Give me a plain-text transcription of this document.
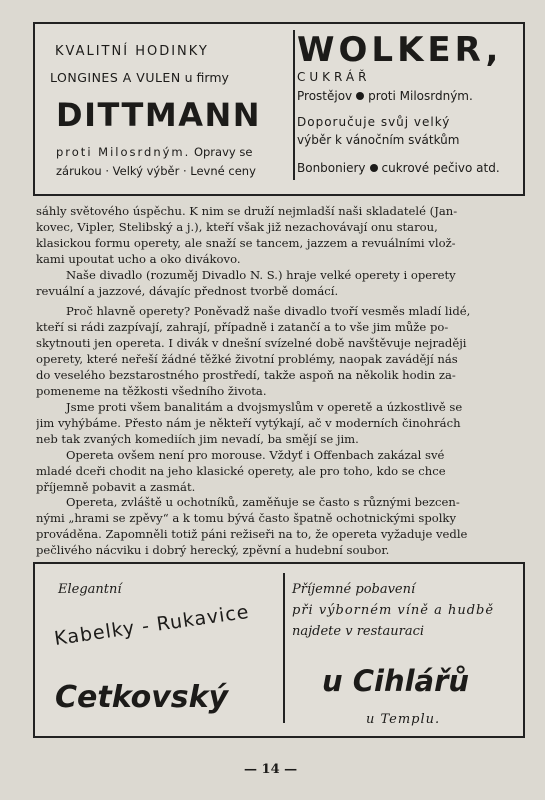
KVALITNÍ HODINKY
LONGINES A VULEN u firmy
DITTMANN
proti Milosrdným. Opravy se
zárukou · Velký výběr · Levné ceny
WOLKER,
CUKRÁŘ
Prostějov proti Milosrdným.
Doporučuje svůj velký
výběr k vánočním svátkům
Bonboniery cukrové pečivo atd.
sáhly světového úspěchu. K nim se druží nejmladší naši skladatelé (Jan-
kovec, Vipler, Stelibský a j.), kteří však již nezachovávají onu starou,
klasickou formu operety, ale snaží se tancem, jazzem a revuálními vlož-
kami upoutat ucho a oko divákovo.
Naše divadlo (rozuměj Divadlo N. S.) hraje velké operety i operety
revuální a jazzové, dávajíc přednost tvorbě domácí.
Proč hlavně operety? Poněvadž naše divadlo tvoří vesměs mladí lidé,
kteří si rádi zazpívají, zahrají, případně i zatančí a to vše jim může po-
skytnouti jen opereta. I divák v dnešní svízelné době navštěvuje nejraději
operety, které neřeší žádné těžké životní problémy, naopak zavádějí nás
do veselého bezstarostného prostředí, takže aspoň na několik hodin za-
pomeneme na těžkosti všedního života.
Jsme proti všem banalitám a dvojsmyslům v operetě a úzkostlivě se
jim vyhýbáme. Přesto nám je někteří vytýkají, ač v moderních činohrách
neb tak zvaných komediích jim nevadí, ba smějí se jim.
Opereta ovšem není pro morouse. Vždyť i Offenbach zakázal své
mladé dceři chodit na jeho klasické operety, ale pro toho, kdo se chce
příjemně pobavit a zasmát.
Opereta, zvláště u ochotníků, zaměňuje se často s různými bezcen-
nými „hrami se zpěvy“ a k tomu bývá často špatně ochotnickými spolky
prováděna. Zapomněli totiž páni režiseři na to, že opereta vyžaduje vedle
pečlivého nácviku i dobrý herecký, zpěvní a hudební soubor.
Elegantní
Kabelky - Rukavice
Cetkovský
Příjemné pobavení
při výborném víně a hudbě
najdete v restauraci
u Cihlářů
u Templu.
— 14 —
